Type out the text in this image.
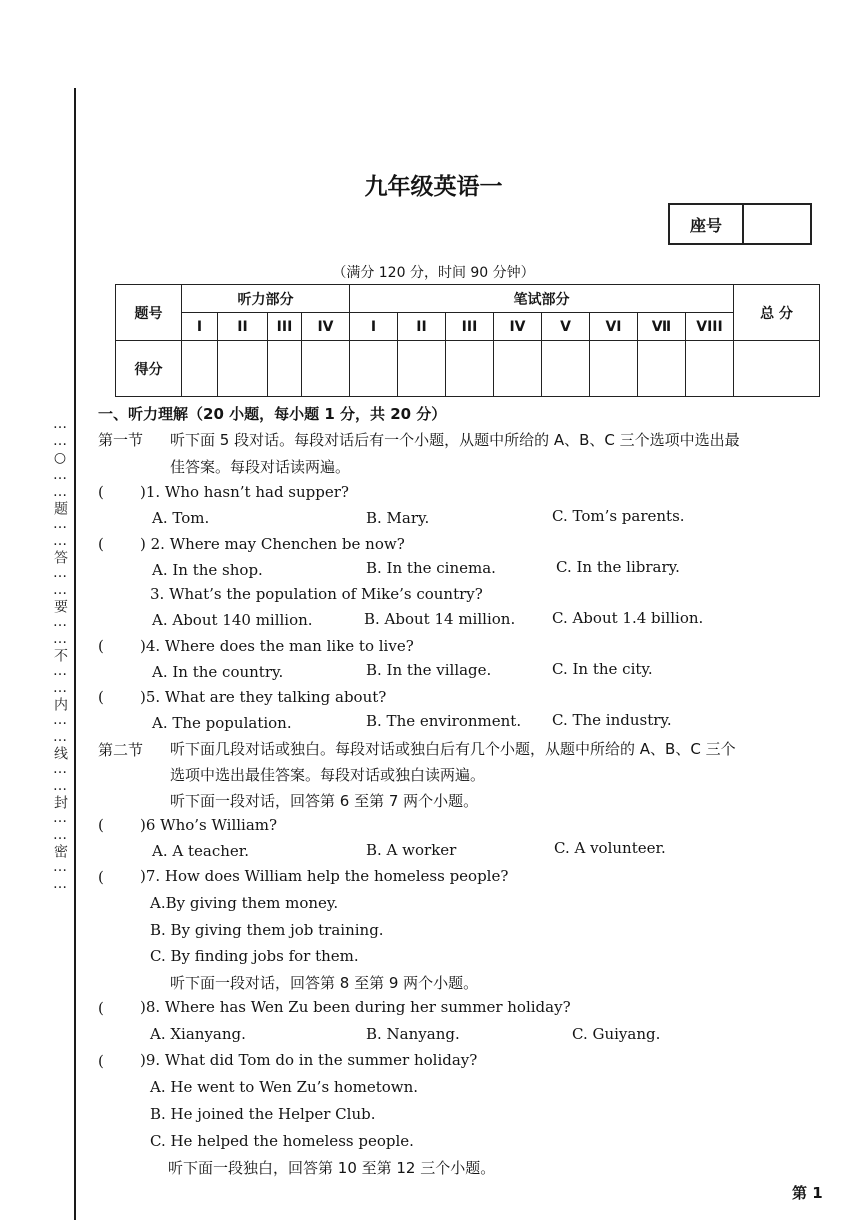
……○……题……答……要……不……内……线……封……密……
九年级英语一
座号
（满分 120 分，时间 90 分钟）
题号	听力部分				笔试部分								总 分
	I	II	III	IV	I	II	III	IV	V	VI	Ⅶ	VIII	
得分													
一、听力理解（20 小题，每小题 1 分，共 20 分）
第一节 听下面 5 段对话。每段对话后有一个小题，从题中所给的 A、B、C 三个选项中选出最
佳答案。每段对话读两遍。
( )1. Who hasn’t had supper?
A. Tom.	B. Mary.	C. Tom’s parents.
( ) 2. Where may Chenchen be now?
A. In the shop.	B. In the cinema.	C. In the library.
3. What’s the population of Mike’s country?
A. About 140 million.	B. About 14 million. C. About 1.4 billion.
( )4. Where does the man like to live?
A. In the country.	B. In the village.	C. In the city.
( )5. What are they talking about?
A. The population.	B. The environment. C. The industry.
第二节 听下面几段对话或独白。每段对话或独白后有几个小题，从题中所给的 A、B、C 三个
选项中选出最佳答案。每段对话或独白读两遍。
听下面一段对话，回答第 6 至第 7 两个小题。
( )6 Who’s William?
A. A teacher.	B. A worker	C. A volunteer.
( )7. How does William help the homeless people?
A.By giving them money.
B. By giving them job training.
C. By finding jobs for them.
听下面一段对话，回答第 8 至第 9 两个小题。
( )8. Where has Wen Zu been during her summer holiday?
A. Xianyang.	B. Nanyang.	C. Guiyang.
( )9. What did Tom do in the summer holiday?
A. He went to Wen Zu’s hometown.
B. He joined the Helper Club.
C. He helped the homeless people.
听下面一段独白，回答第 10 至第 12 三个小题。
第 1
